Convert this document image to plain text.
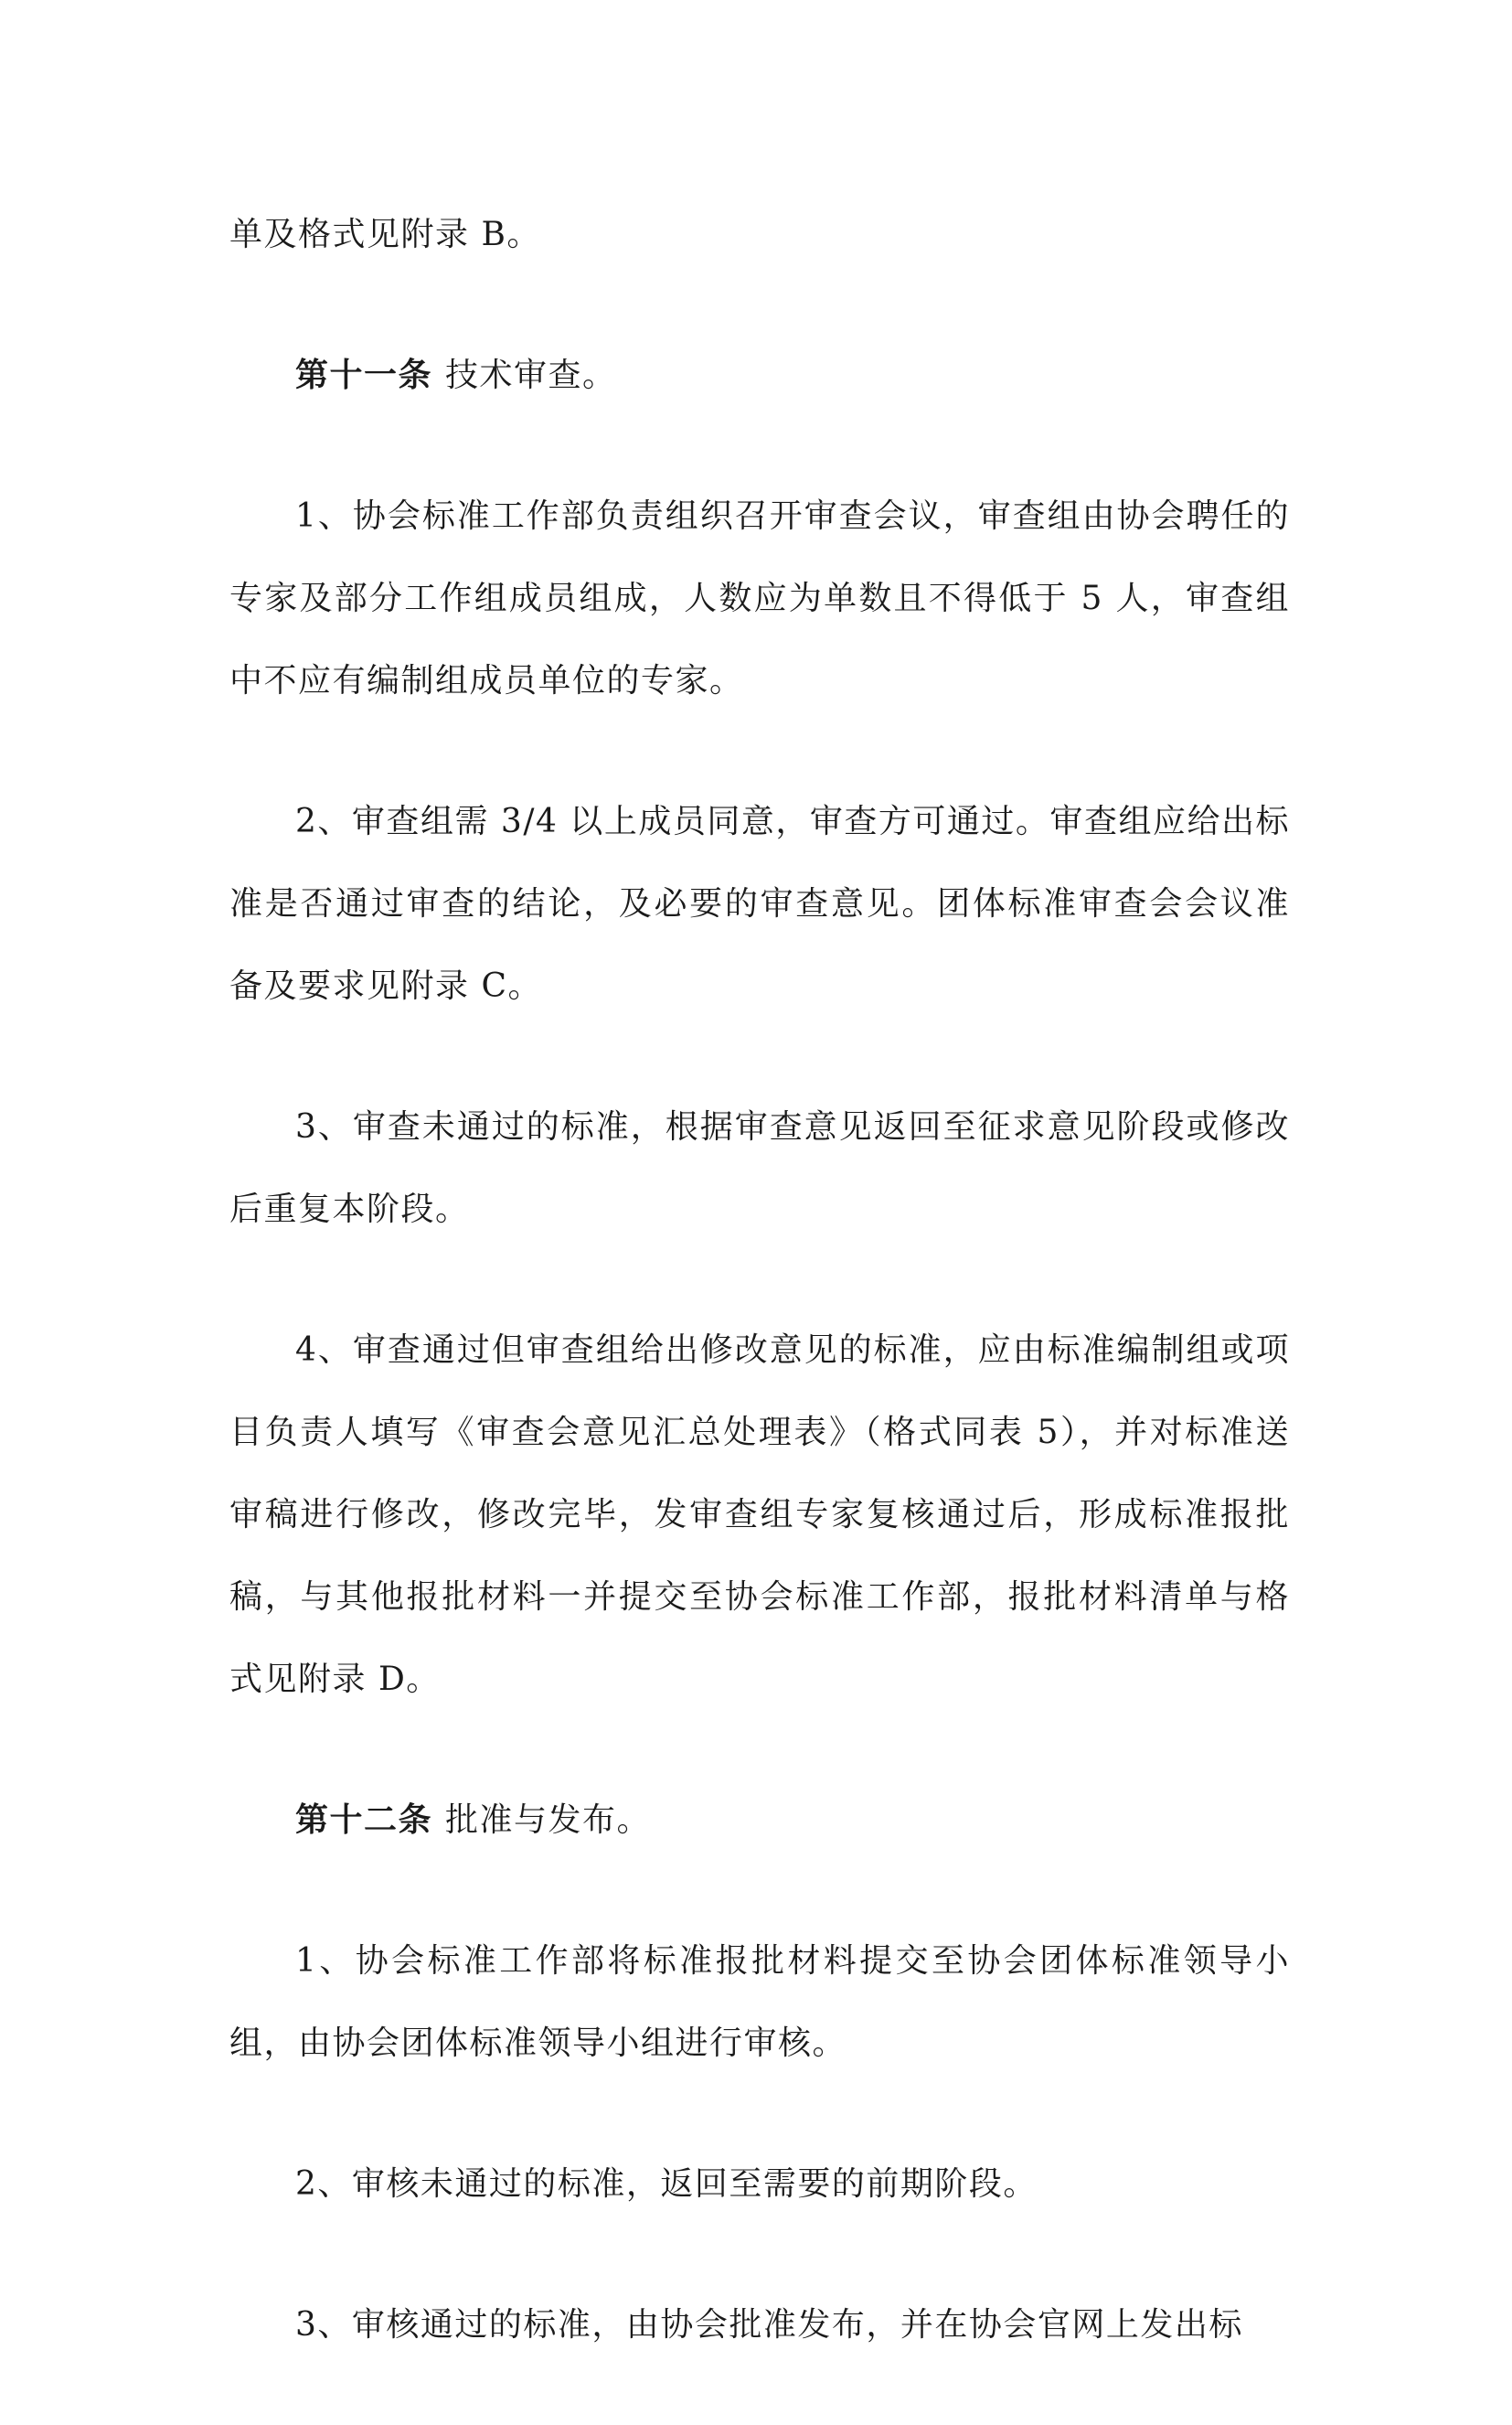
单及格式见附录 B。

第十一条 技术审查。

1、协会标准工作部负责组织召开审查会议，审查组由协会聘任的专家及部分工作组成员组成，人数应为单数且不得低于 5 人，审查组中不应有编制组成员单位的专家。

2、审查组需 3/4 以上成员同意，审查方可通过。审查组应给出标准是否通过审查的结论，及必要的审查意见。团体标准审查会会议准备及要求见附录 C。

3、审查未通过的标准，根据审查意见返回至征求意见阶段或修改后重复本阶段。

4、审查通过但审查组给出修改意见的标准，应由标准编制组或项目负责人填写《审查会意见汇总处理表》（格式同表 5），并对标准送审稿进行修改，修改完毕，发审查组专家复核通过后，形成标准报批稿，与其他报批材料一并提交至协会标准工作部，报批材料清单与格式见附录 D。

第十二条 批准与发布。

1、协会标准工作部将标准报批材料提交至协会团体标准领导小组，由协会团体标准领导小组进行审核。

2、审核未通过的标准，返回至需要的前期阶段。

3、审核通过的标准，由协会批准发布，并在协会官网上发出标
